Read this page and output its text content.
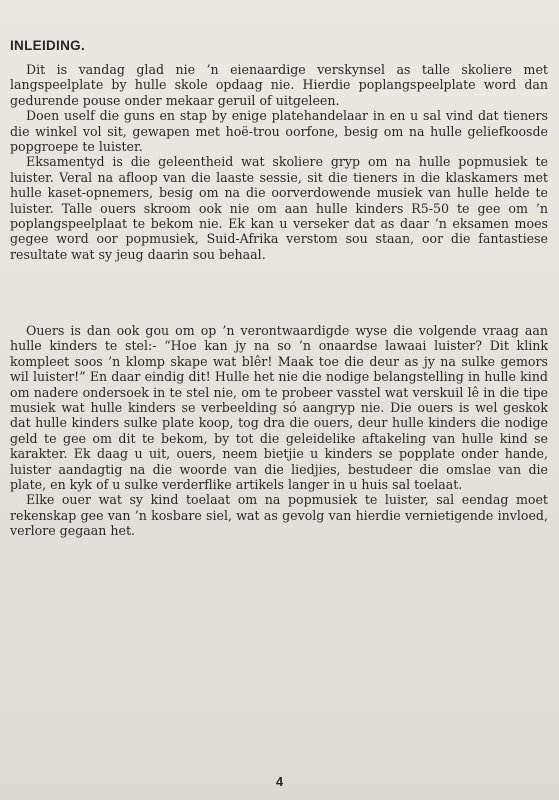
INLEIDING.

Dit is vandag glad nie ’n eienaardige verskynsel as talle skoliere met langspeelplate by hulle skole opdaag nie. Hierdie poplangspeelplate word dan gedurende pouse onder mekaar geruil of uitgeleen.

Doen uself die guns en stap by enige platehandelaar in en u sal vind dat tieners die winkel vol sit, gewapen met hoë-trou oorfone, besig om na hulle geliefkoosde popgroepe te luister.

Eksamentyd is die geleentheid wat skoliere gryp om na hulle popmusiek te luister. Veral na afloop van die laaste sessie, sit die tieners in die klaskamers met hulle kaset-opnemers, besig om na die oorverdowende musiek van hulle helde te luister. Talle ouers skroom ook nie om aan hulle kinders R5-50 te gee om ’n poplangspeelplaat te bekom nie. Ek kan u verseker dat as daar ’n eksamen moes gegee word oor popmusiek, Suid-Afrika verstom sou staan, oor die fantastiese resultate wat sy jeug daarin sou behaal.

Ouers is dan ook gou om op ’n verontwaardigde wyse die volgende vraag aan hulle kinders te stel:- “Hoe kan jy na so ’n onaardse lawaai luister? Dit klink kompleet soos ’n klomp skape wat blêr! Maak toe die deur as jy na sulke gemors wil luister!” En daar eindig dit! Hulle het nie die nodige belangstelling in hulle kind om nadere ondersoek in te stel nie, om te probeer vasstel wat verskuil lê in die tipe musiek wat hulle kinders se verbeelding só aangryp nie. Die ouers is wel geskok dat hulle kinders sulke plate koop, tog dra die ouers, deur hulle kinders die nodige geld te gee om dit te bekom, by tot die geleidelike aftakeling van hulle kind se karakter. Ek daag u uit, ouers, neem bietjie u kinders se popplate onder hande, luister aandagtig na die woorde van die liedjies, bestudeer die omslae van die plate, en kyk of u sulke verderflike artikels langer in u huis sal toelaat.

Elke ouer wat sy kind toelaat om na popmusiek te luister, sal eendag moet rekenskap gee van ’n kosbare siel, wat as gevolg van hierdie vernietigende invloed, verlore gegaan het.

4
